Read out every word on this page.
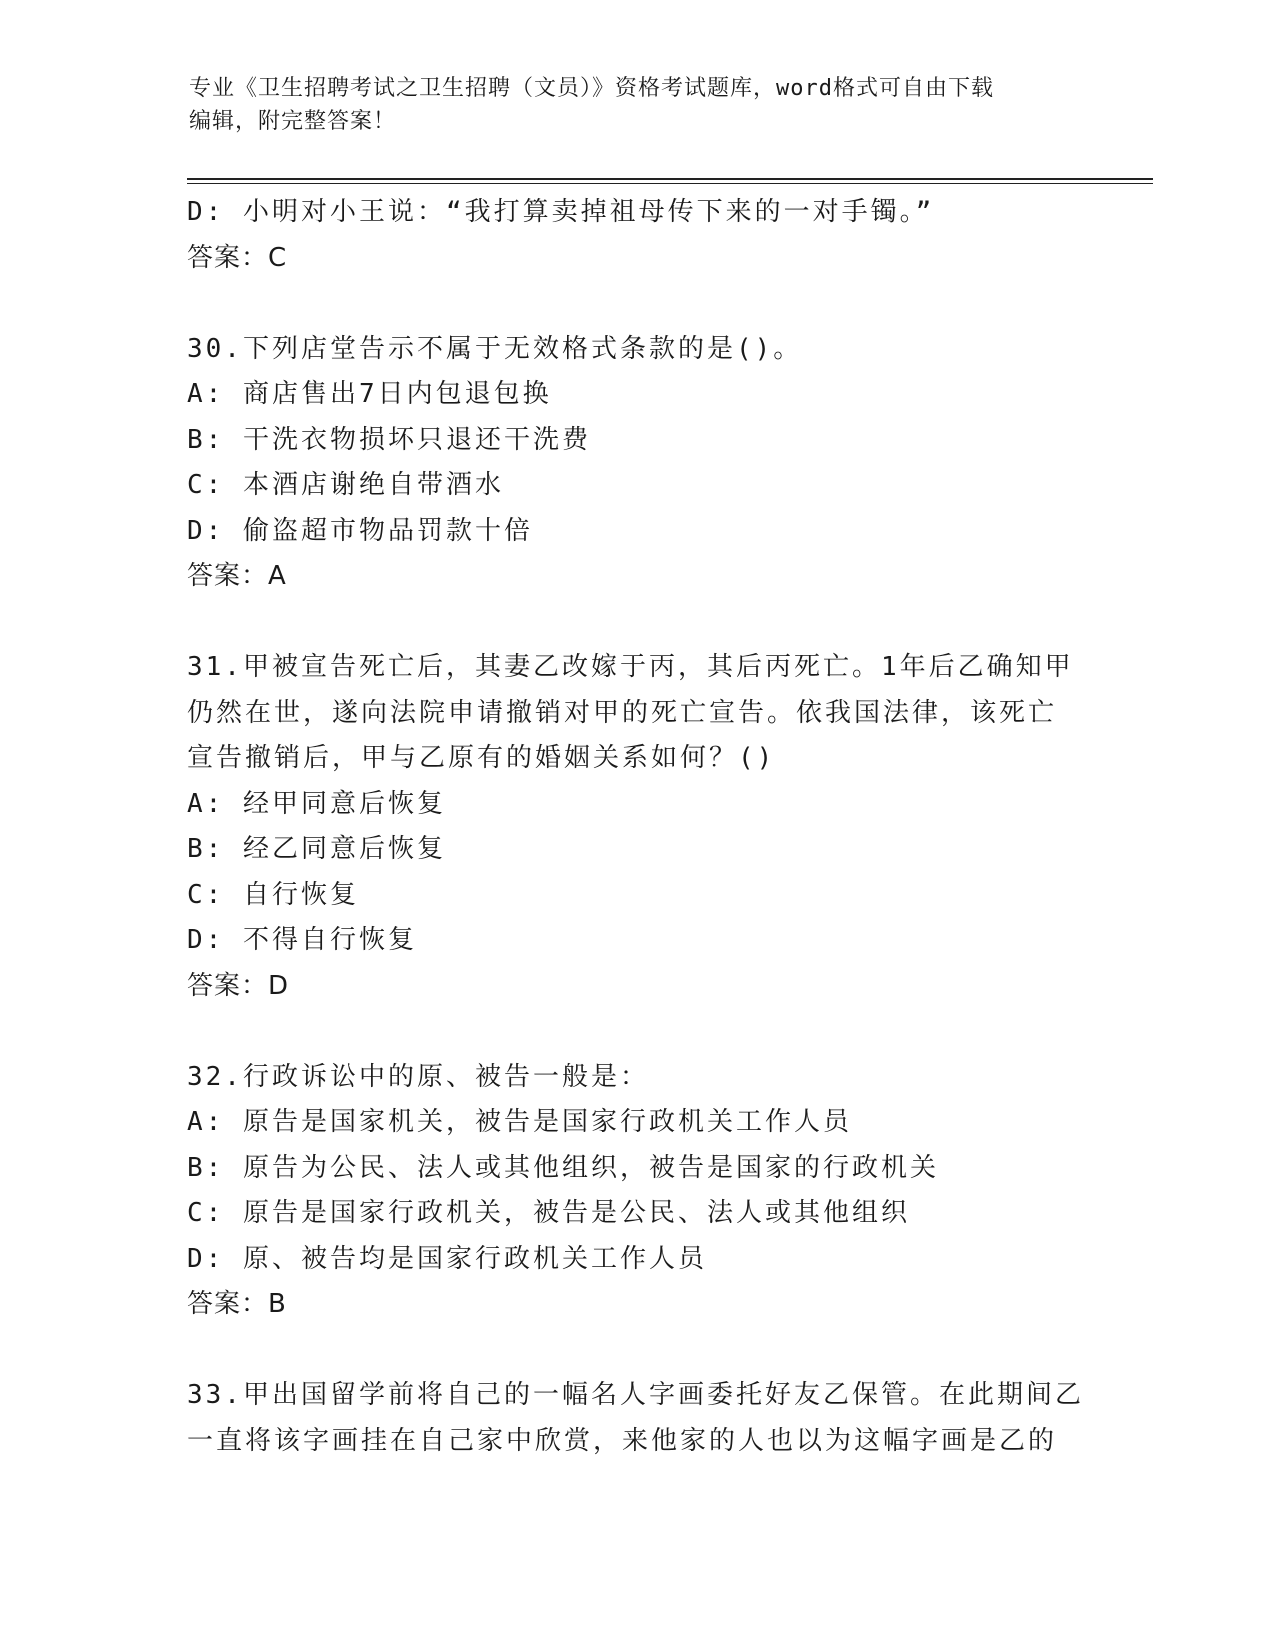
专业《卫生招聘考试之卫生招聘（文员）》资格考试题库，word格式可自由下载
编辑，附完整答案！
D: 小明对小王说：“我打算卖掉祖母传下来的一对手镯。”
答案：C
30.下列店堂告示不属于无效格式条款的是()。
A: 商店售出7日内包退包换
B: 干洗衣物损坏只退还干洗费
C: 本酒店谢绝自带酒水
D: 偷盗超市物品罚款十倍
答案：A
31.甲被宣告死亡后，其妻乙改嫁于丙，其后丙死亡。1年后乙确知甲
仍然在世，遂向法院申请撤销对甲的死亡宣告。依我国法律，该死亡
宣告撤销后，甲与乙原有的婚姻关系如何？()
A: 经甲同意后恢复
B: 经乙同意后恢复
C: 自行恢复
D: 不得自行恢复
答案：D
32.行政诉讼中的原、被告一般是：
A: 原告是国家机关，被告是国家行政机关工作人员
B: 原告为公民、法人或其他组织，被告是国家的行政机关
C: 原告是国家行政机关，被告是公民、法人或其他组织
D: 原、被告均是国家行政机关工作人员
答案：B
33.甲出国留学前将自己的一幅名人字画委托好友乙保管。在此期间乙
一直将该字画挂在自己家中欣赏，来他家的人也以为这幅字画是乙的
